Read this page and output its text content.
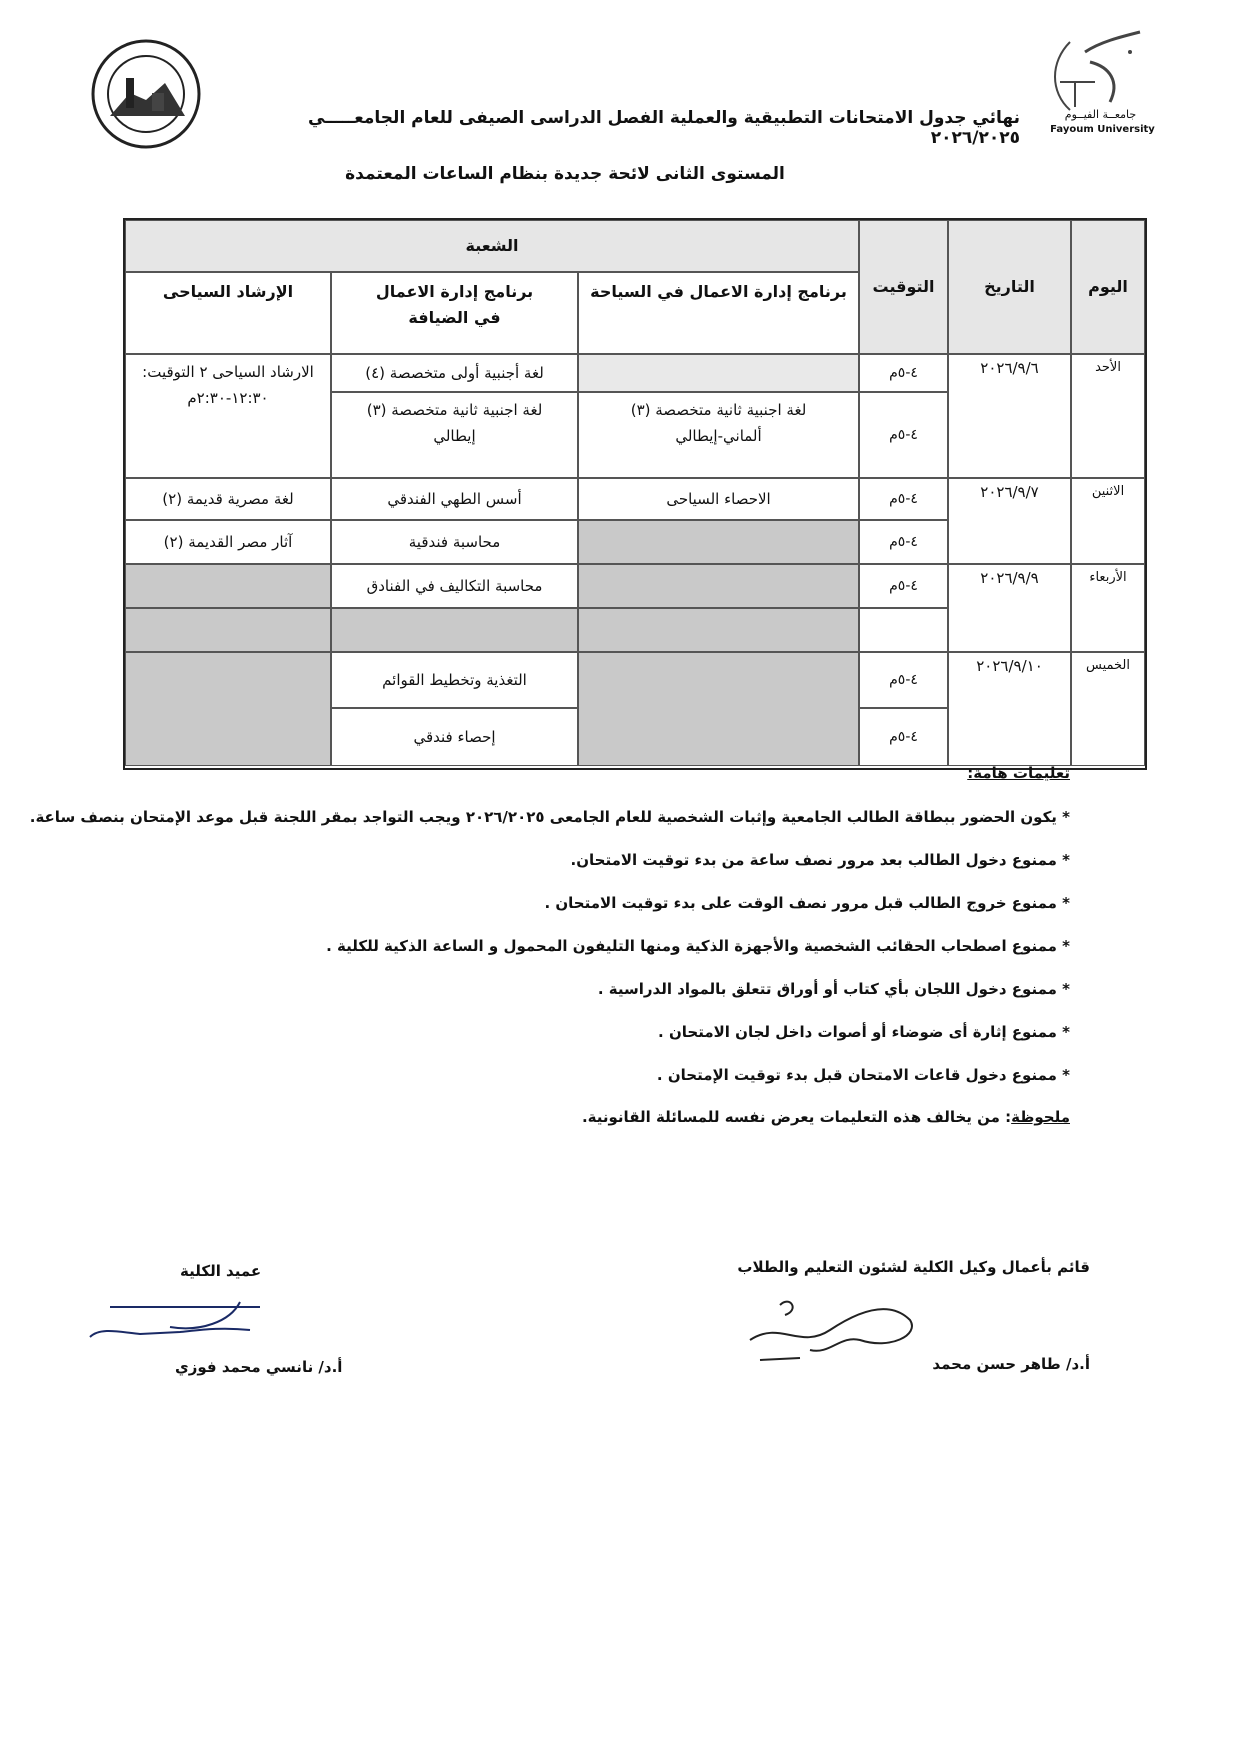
جامعــة الفيــوم
Fayoum University
نهائي جدول الامتحانات التطبيقية والعملية الفصل الدراسى الصيفى للعام الجامعـــــي ٢٠٢٦/٢٠٢٥
المستوى الثانى لائحة جديدة بنظام الساعات المعتمدة
اليوم
التاريخ
التوقيت
الشعبة
برنامج إدارة الاعمال في السياحة
برنامج إدارة الاعمال في الضيافة
الإرشاد السياحى
الأحد
٢٠٢٦/٩/٦
٤-٥م
٤-٥م
لغة اجنبية ثانية متخصصة (٣) ألماني-إيطالي
لغة أجنبية أولى متخصصة (٤)
لغة اجنبية ثانية متخصصة (٣) إيطالي
الارشاد السياحى ٢ التوقيت: ١٢:٣٠-٢:٣٠م
الاثنين
٢٠٢٦/٩/٧
٤-٥م
٤-٥م
الاحصاء السياحى
أسس الطهي الفندقي
محاسبة فندقية
لغة مصرية قديمة (٢)
آثار مصر القديمة (٢)
الأربعاء
٢٠٢٦/٩/٩
٤-٥م
محاسبة التكاليف في الفنادق
الخميس
٢٠٢٦/٩/١٠
٤-٥م
٤-٥م
التغذية وتخطيط القوائم
إحصاء فندقي
تعليمات هامة:
* يكون الحضور ببطاقة الطالب الجامعية وإثبات الشخصية للعام الجامعى ٢٠٢٦/٢٠٢٥ ويجب التواجد بمقر اللجنة قبل موعد الإمتحان بنصف ساعة.
* ممنوع دخول الطالب بعد مرور نصف ساعة من بدء توقيت الامتحان.
* ممنوع خروج الطالب قبل مرور نصف الوقت على بدء توقيت الامتحان .
* ممنوع اصطحاب الحقائب الشخصية والأجهزة الذكية ومنها التليفون المحمول و الساعة الذكية للكلية .
* ممنوع دخول اللجان بأي كتاب أو أوراق تتعلق بالمواد الدراسية .
* ممنوع إثارة أى ضوضاء أو أصوات داخل لجان الامتحان .
* ممنوع دخول قاعات الامتحان قبل بدء توقيت الإمتحان .
ملحوظة: من يخالف هذه التعليمات يعرض نفسه للمسائلة القانونية.
قائم بأعمال وكيل الكلية لشئون التعليم والطلاب
أ.د/ طاهر حسن محمد
عميد الكلية
أ.د/ نانسي محمد فوزي
